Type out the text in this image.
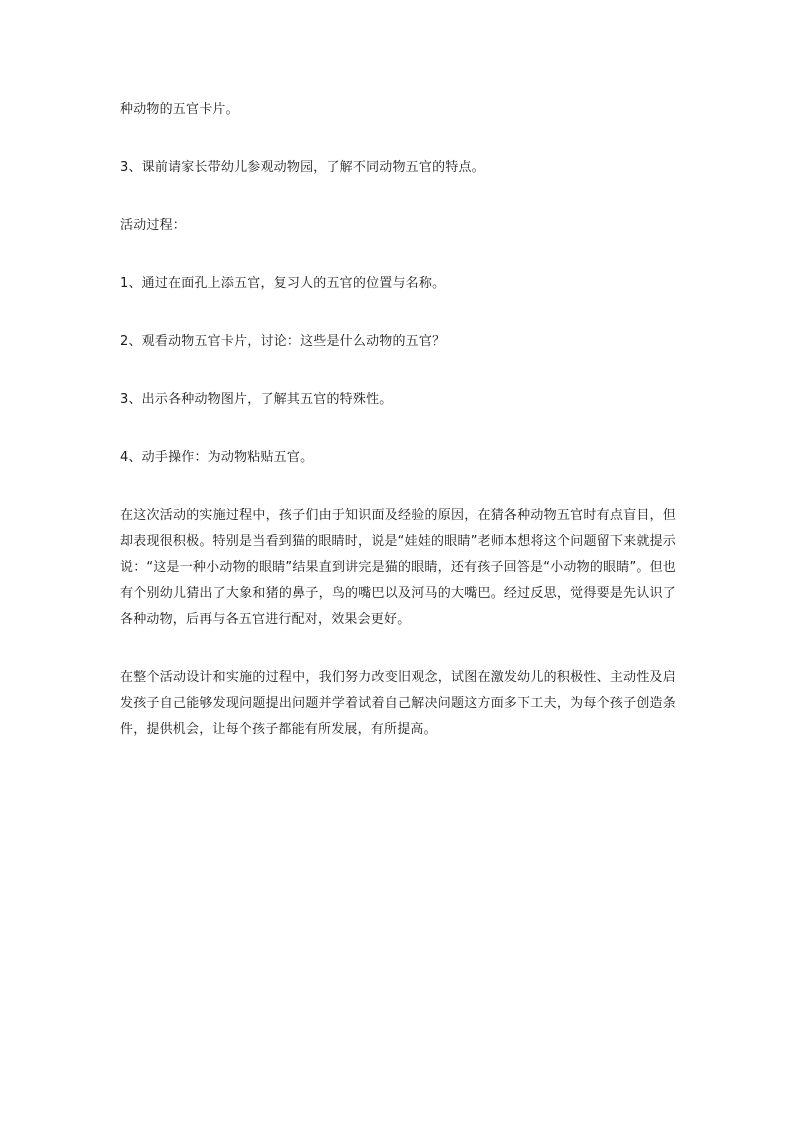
种动物的五官卡片。

3、课前请家长带幼儿参观动物园，了解不同动物五官的特点。

活动过程：

1、通过在面孔上添五官，复习人的五官的位置与名称。

2、观看动物五官卡片，讨论：这些是什么动物的五官？

3、出示各种动物图片，了解其五官的特殊性。

4、动手操作：为动物粘贴五官。

在这次活动的实施过程中，孩子们由于知识面及经验的原因，在猜各种动物五官时有点盲目，但却表现很积极。特别是当看到猫的眼睛时，说是“娃娃的眼睛”老师本想将这个问题留下来就提示说：“这是一种小动物的眼睛”结果直到讲完是猫的眼睛，还有孩子回答是“小动物的眼睛”。但也有个别幼儿猜出了大象和猪的鼻子，鸟的嘴巴以及河马的大嘴巴。经过反思，觉得要是先认识了各种动物，后再与各五官进行配对，效果会更好。

在整个活动设计和实施的过程中，我们努力改变旧观念，试图在激发幼儿的积极性、主动性及启发孩子自己能够发现问题提出问题并学着试着自己解决问题这方面多下工夫，为每个孩子创造条件，提供机会，让每个孩子都能有所发展，有所提高。
